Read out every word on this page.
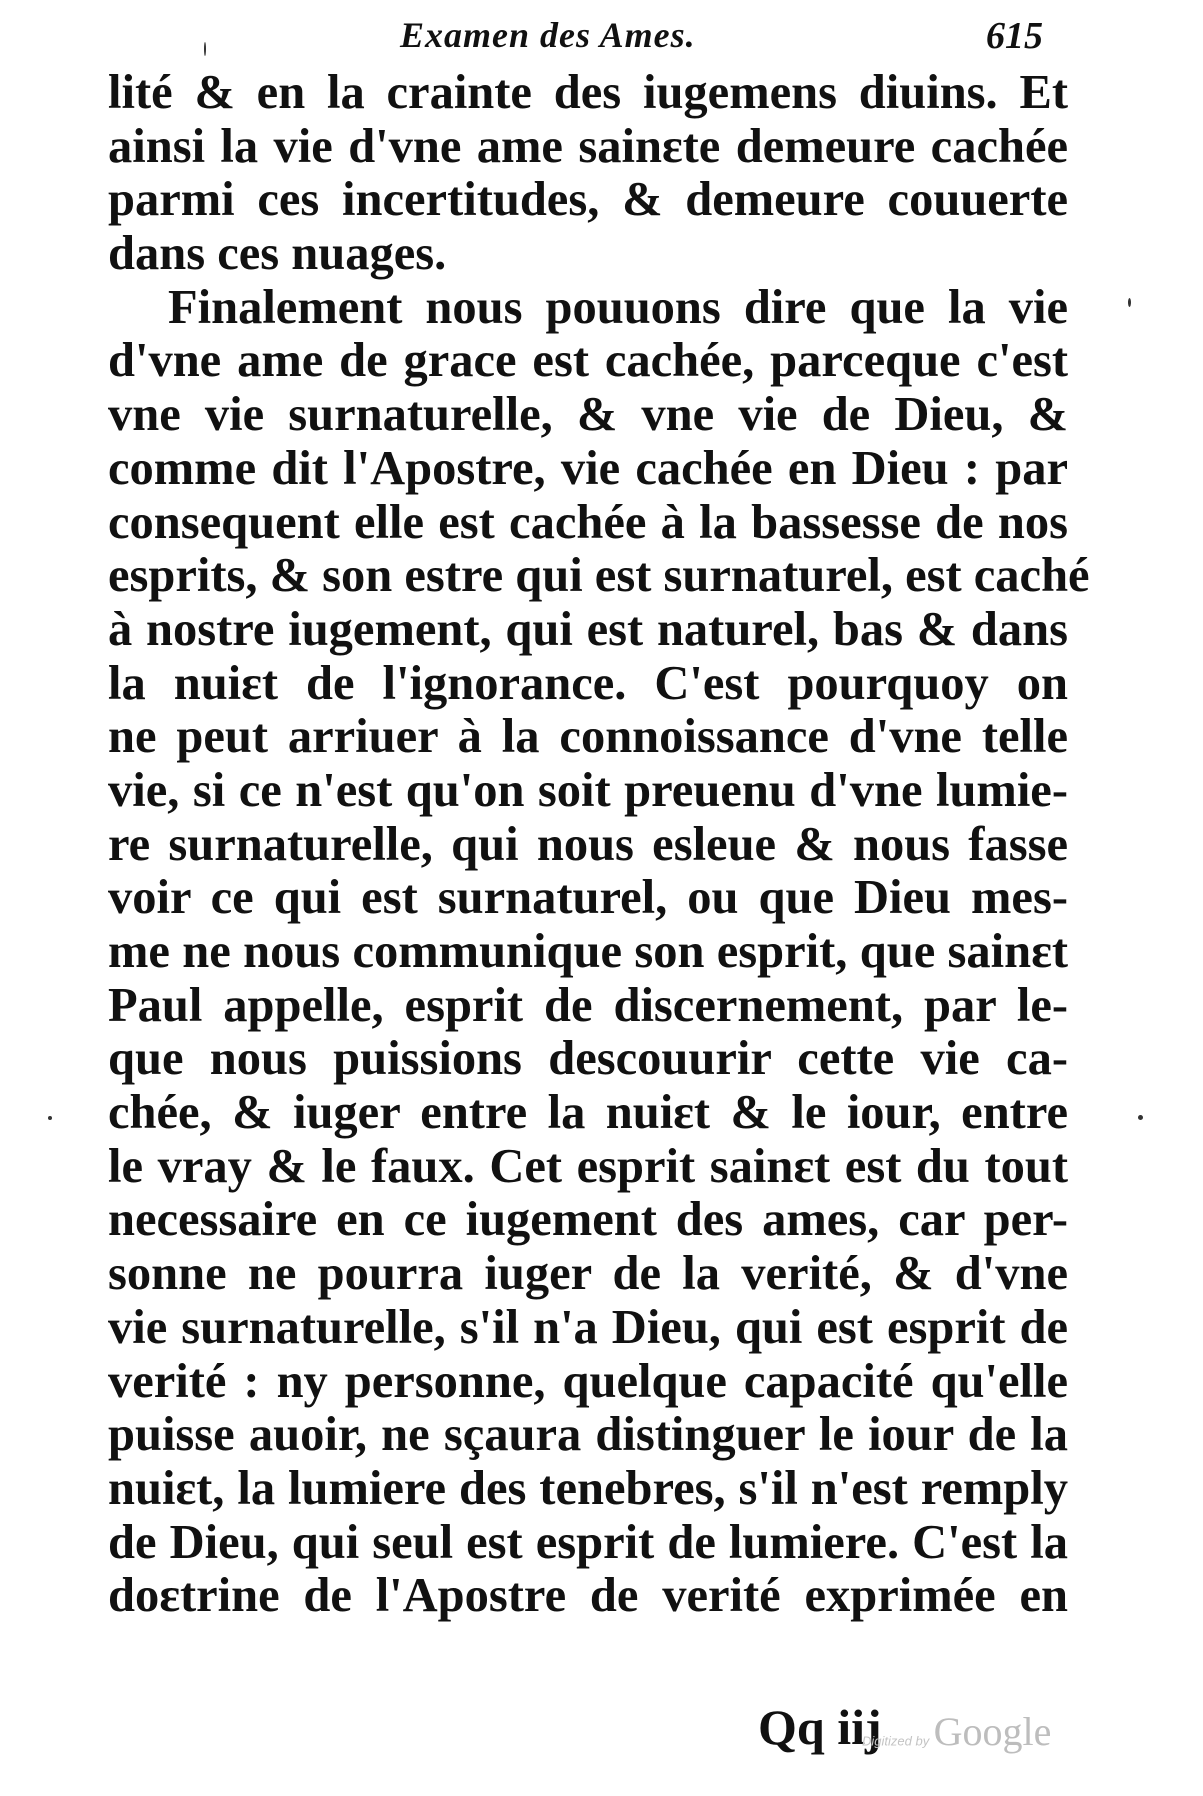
Examen des Ames.	615
lité & en la crainte des iugemens diuins. Et
ainsi la vie d'vne ame sainɛte demeure cachée
parmi ces incertitudes, & demeure couuerte
dans ces nuages.
Finalement nous pouuons dire que la vie
d'vne ame de grace est cachée, parceque c'est
vne vie surnaturelle, & vne vie de Dieu, &
comme dit l'Apostre, vie cachée en Dieu : par
consequent elle est cachée à la bassesse de nos
esprits, & son estre qui est surnaturel, est caché
à nostre iugement, qui est naturel, bas & dans
la nuiɛt de l'ignorance. C'est pourquoy on
ne peut arriuer à la connoissance d'vne telle
vie, si ce n'est qu'on soit preuenu d'vne lumie-
re surnaturelle, qui nous esleue & nous fasse
voir ce qui est surnaturel, ou que Dieu mes-
me ne nous communique son esprit, que sainɛt
Paul appelle, esprit de discernement, par le-
que nous puissions descouurir cette vie ca-
chée, & iuger entre la nuiɛt & le iour, entre
le vray & le faux. Cet esprit sainɛt est du tout
necessaire en ce iugement des ames, car per-
sonne ne pourra iuger de la verité, & d'vne
vie surnaturelle, s'il n'a Dieu, qui est esprit de
verité : ny personne, quelque capacité qu'elle
puisse auoir, ne sçaura distinguer le iour de la
nuiɛt, la lumiere des tenebres, s'il n'est remply
de Dieu, qui seul est esprit de lumiere. C'est la
doɛtrine de l'Apostre de verité exprimée en
Qq iij
Digitized by Google
